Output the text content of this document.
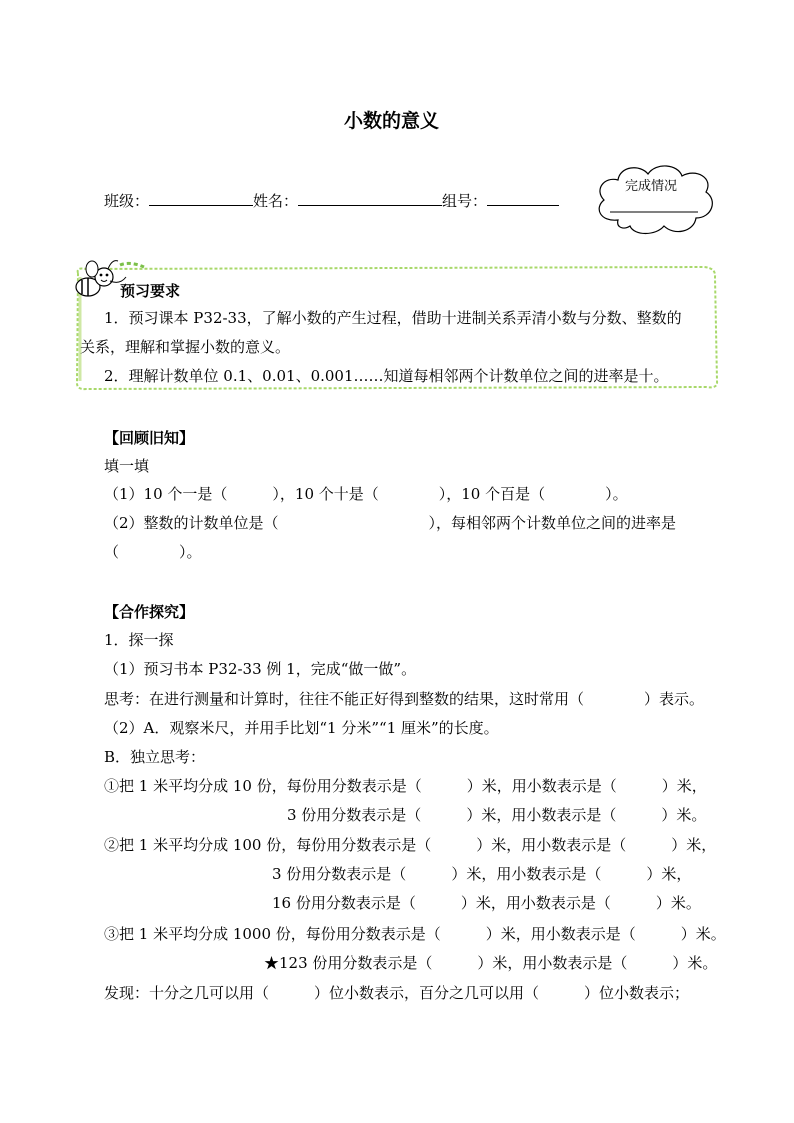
小数的意义
班级：	姓名：	组号：
完成情况
预习要求
1．预习课本 P32-33，了解小数的产生过程，借助十进制关系弄清小数与分数、整数的
关系，理解和掌握小数的意义。
2．理解计数单位 0.1、0.01、0.001……知道每相邻两个计数单位之间的进率是十。
【回顾旧知】
填一填
（1）10 个一是（　　　），10 个十是（　　　　），10 个百是（　　　　）。
（2）整数的计数单位是（　　　　　　　　　　），每相邻两个计数单位之间的进率是
（　　　　）。
【合作探究】
1．探一探
（1）预习书本 P32-33 例 1，完成“做一做”。
思考：在进行测量和计算时，往往不能正好得到整数的结果，这时常用（　　　　）表示。
（2）A．观察米尺，并用手比划“1 分米”“1 厘米”的长度。
B．独立思考：
①把 1 米平均分成 10 份，每份用分数表示是（　　　）米，用小数表示是（　　　）米，
3 份用分数表示是（　　　）米，用小数表示是（　　　）米。
②把 1 米平均分成 100 份，每份用分数表示是（　　　）米，用小数表示是（　　　）米，
3 份用分数表示是（　　　）米，用小数表示是（　　　）米，
16 份用分数表示是（　　　）米，用小数表示是（　　　）米。
③把 1 米平均分成 1000 份，每份用分数表示是（　　　）米，用小数表示是（　　　）米。
★123 份用分数表示是（　　　）米，用小数表示是（　　　）米。
发现：十分之几可以用（　　　）位小数表示，百分之几可以用（　　　）位小数表示；
